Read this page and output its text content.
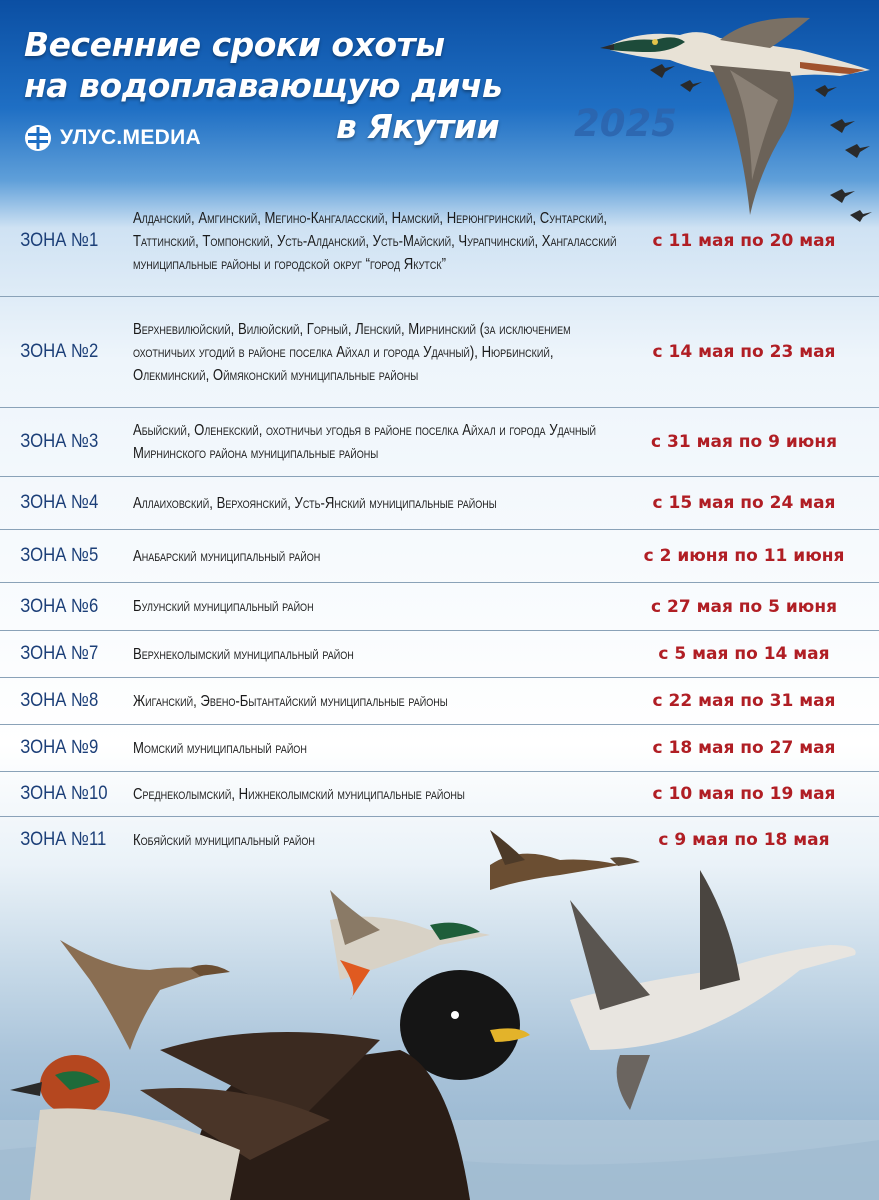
Весенние сроки охоты
на водоплавающую дичь
в Якутии 2025
УЛУС.MEDИA
ЗОНА №1
Алданский, Амгинский, Мегино-Кангаласский, Намский, Нерюнгринский, Сунтарский, Таттинский, Томпонский, Усть-Алданский, Усть-Майский, Чурапчинский, Хангаласский муниципальные районы и городской округ “город Якутск”
с 11 мая по 20 мая
ЗОНА №2
Верхневилюйский, Вилюйский, Горный, Ленский, Мирнинский (за исключением охотничьих угодий в районе поселка Айхал и города Удачный), Нюрбинский, Олекминский, Оймяконский муниципальные районы
с 14 мая по 23 мая
ЗОНА №3
Абыйский, Оленекский, охотничьи угодья в районе поселка Айхал и города Удачный Мирнинского района муниципальные районы
с 31 мая по 9 июня
ЗОНА №4	Аллаиховский, Верхоянский, Усть-Янский муниципальные районы	с 15 мая по 24 мая
ЗОНА №5	Анабарский муниципальный район	с 2 июня по 11 июня
ЗОНА №6	Булунский муниципальный район	с 27 мая по 5 июня
ЗОНА №7	Верхнеколымский муниципальный район	с 5 мая по 14 мая
ЗОНА №8	Жиганский, Эвено-Бытантайский муниципальные районы	с 22 мая по 31 мая
ЗОНА №9	Момский муниципальный район	с 18 мая по 27 мая
ЗОНА №10	Среднеколымский, Нижнеколымский муниципальные районы	с 10 мая по 19 мая
ЗОНА №11	Кобяйский муниципальный район	с 9 мая по 18 мая
